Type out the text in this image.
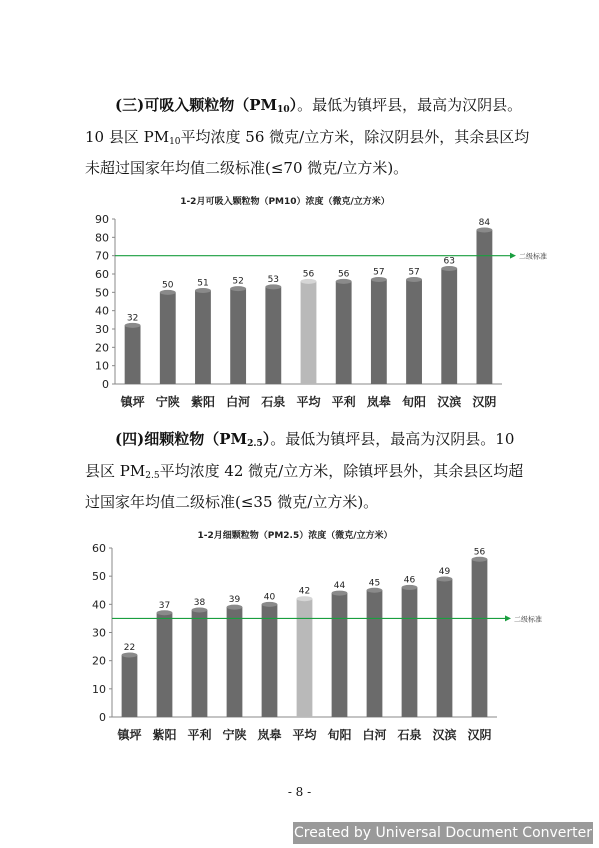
(三)可吸入颗粒物$(PM_{10})$。最低为镇坪县，最高为汉阴县。

10 县区 $PM_{10}$平均浓度 56 微克/立方米，除汉阴县外，其余县区均

未超过国家年均值二级标准(≤70 微克/立方米)。

1-2月可吸入颗粒物（PM10）浓度（微克/立方米）
0
10
20
30
40
50
60
70
80
90
32
镇坪
50
宁陕
51
紫阳
52
白河
53
石泉
56
平均
56
平利
57
岚皋
57
旬阳
63
汉滨
84
汉阴
二级标准

(四)细颗粒物$(PM_{2.5})$。最低为镇坪县，最高为汉阴县。10

县区 $PM_{2.5}$平均浓度 42 微克/立方米，除镇坪县外，其余县区均超

过国家年均值二级标准(≤35 微克/立方米)。

1-2月细颗粒物（PM2.5）浓度（微克/立方米）
0
10
20
30
40
50
60
22
镇坪
37
紫阳
38
平利
39
宁陕
40
岚皋
42
平均
44
旬阳
45
白河
46
石泉
49
汉滨
56
汉阴
二级标准
- 8 -
Created by Universal Document Converter
